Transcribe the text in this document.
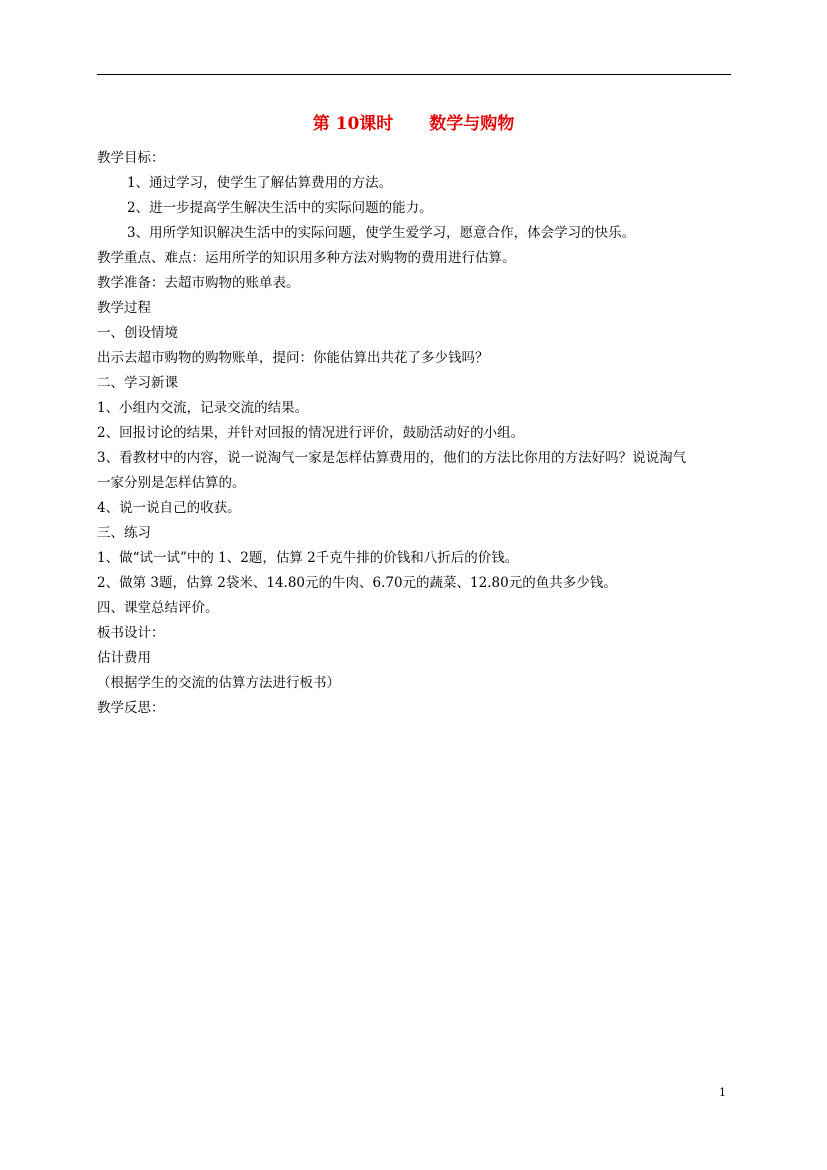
第 10课时 数学与购物
教学目标：
1、通过学习，使学生了解估算费用的方法。
2、进一步提高学生解决生活中的实际问题的能力。
3、用所学知识解决生活中的实际问题，使学生爱学习，愿意合作，体会学习的快乐。
教学重点、难点：运用所学的知识用多种方法对购物的费用进行估算。
教学准备：去超市购物的账单表。
教学过程
一、创设情境
出示去超市购物的购物账单，提问：你能估算出共花了多少钱吗？
二、学习新课
1、小组内交流，记录交流的结果。
2、回报讨论的结果，并针对回报的情况进行评价，鼓励活动好的小组。
3、看教材中的内容，说一说淘气一家是怎样估算费用的，他们的方法比你用的方法好吗？说说淘气
一家分别是怎样估算的。
4、说一说自己的收获。
三、练习
1、做“试一试”中的 1、2题，估算 2千克牛排的价钱和八折后的价钱。
2、做第 3题，估算 2袋米、14.80元的牛肉、6.70元的蔬菜、12.80元的鱼共多少钱。
四、课堂总结评价。
板书设计：
估计费用
（根据学生的交流的估算方法进行板书）
教学反思：
1
